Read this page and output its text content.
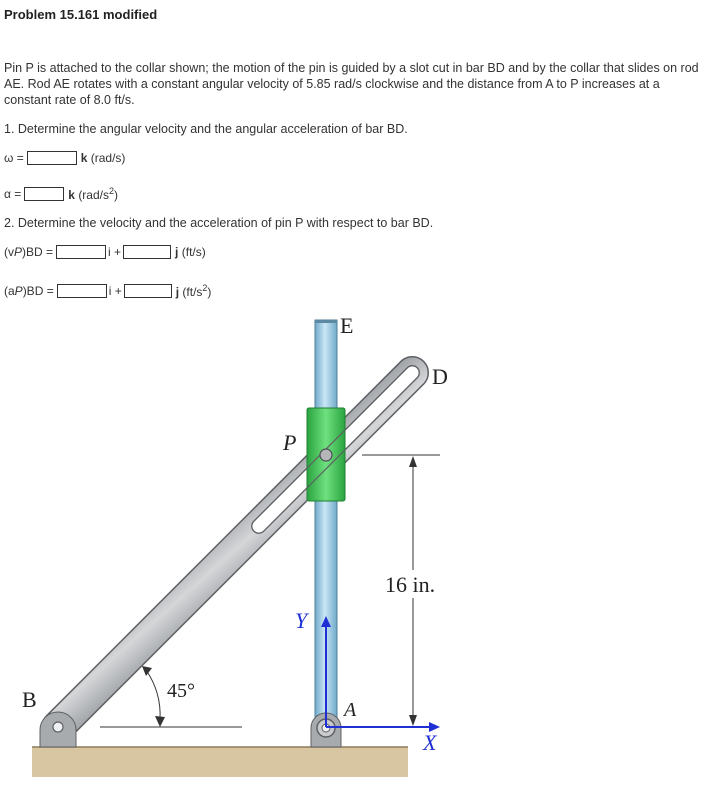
Problem 15.161 modified
Pin P is attached to the collar shown; the motion of the pin is guided by a slot cut in bar BD and by the collar that slides on rod AE. Rod AE rotates with a constant angular velocity of 5.85 rad/s clockwise and the distance from A to P increases at a constant rate of 8.0 ft/s.
1. Determine the angular velocity and the angular acceleration of bar BD.
ω =	k (rad/s)
α =	k $(rad/s^2)$
2. Determine the velocity and the acceleration of pin P with respect to bar BD.
(vP)BD =	i +	j (ft/s)
(aP)BD =	i +	j $(ft/s^2)$
E
D
P
B	A
X
Y
45°
16 in.
